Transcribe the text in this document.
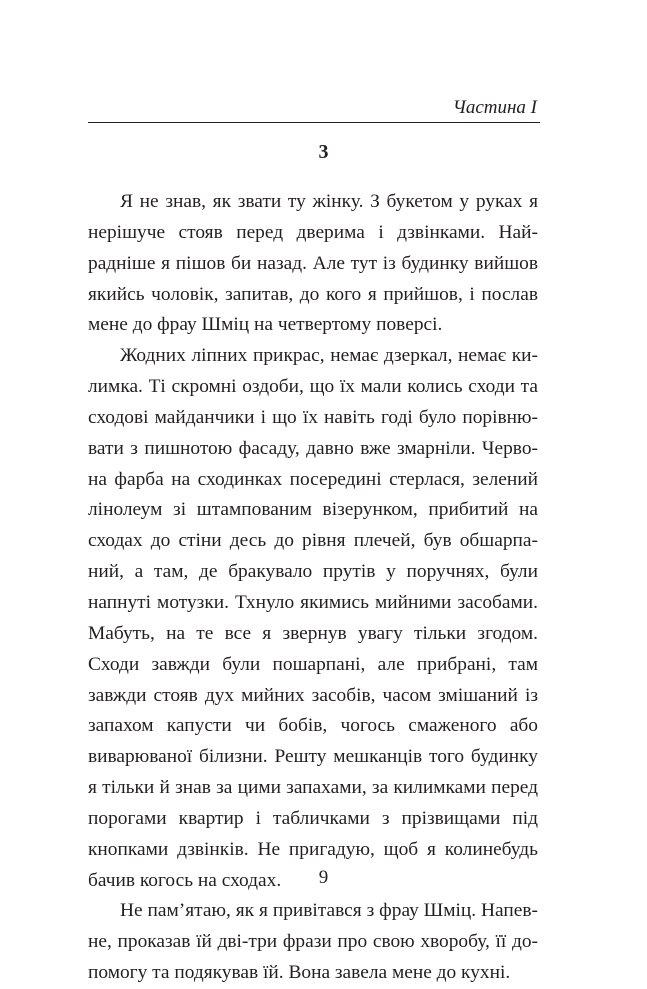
Частина I
3

Я не знав, як звати ту жінку. З букетом у руках я нерішуче стояв перед дверима і дзвінками. Найрадніше я пішов би назад. Але тут із будинку вийшов якийсь чоловік, запитав, до кого я прийшов, і послав мене до фрау Шміц на четвертому поверсі.

Жодних ліпних прикрас, немає дзеркал, немає килимка. Ті скромні оздоби, що їх мали колись сходи та сходові майданчики і що їх навіть годі було порівнювати з пишнотою фасаду, давно вже змарніли. Червона фарба на сходинках посередині стерлася, зелений лінолеум зі штампованим візерунком, прибитий на сходах до стіни десь до рівня плечей, був обшарпаний, а там, де бракувало прутів у поручнях, були напнуті мотузки. Тхнуло якимись мийними засобами. Мабуть, на те все я звернув увагу тільки згодом. Сходи завжди були пошарпані, але прибрані, там завжди стояв дух мийних засобів, часом змішаний із запахом капусти чи бобів, чогось смаженого або виварюваної білизни. Решту мешканців того будинку я тільки й знав за цими запахами, за килимками перед порогами квартир і табличками з прізвищами під кнопками дзвінків. Не пригадую, щоб я колинебудь бачив когось на сходах.

Не пам’ятаю, як я привітався з фрау Шміц. Напевне, проказав їй дві-три фрази про свою хворобу, її допомогу та подякував їй. Вона завела мене до кухні.

9
